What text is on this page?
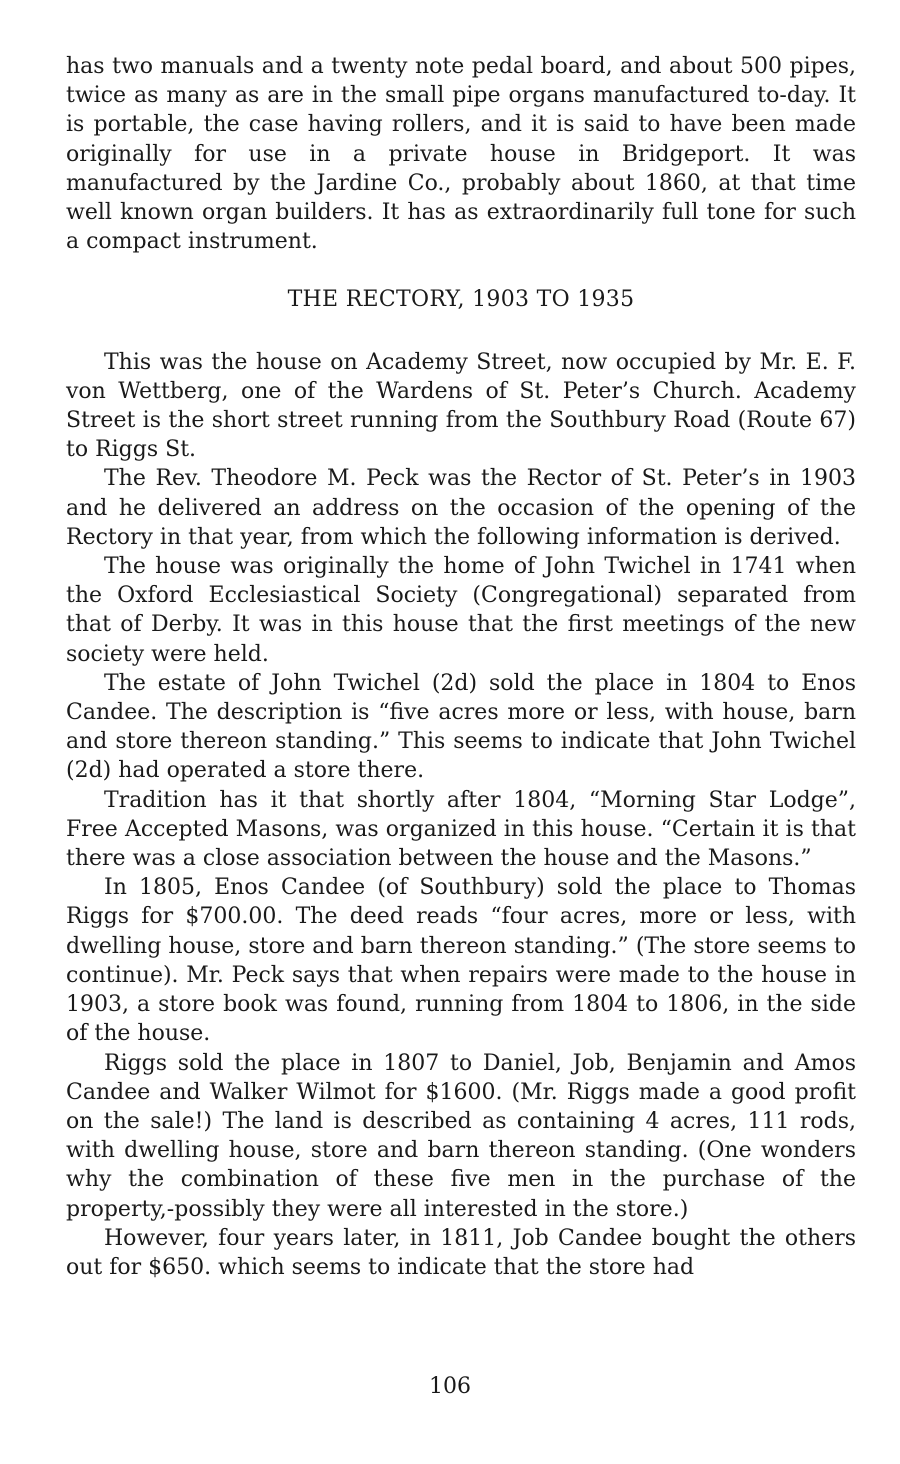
has two manuals and a twenty note pedal board, and about 500 pipes, twice as many as are in the small pipe organs manufactured to-day. It is portable, the case having rollers, and it is said to have been made originally for use in a private house in Bridgeport. It was manufactured by the Jardine Co., probably about 1860, at that time well known organ builders. It has as extraordinarily full tone for such a compact instrument.

THE RECTORY, 1903 TO 1935

This was the house on Academy Street, now occupied by Mr. E. F. von Wettberg, one of the Wardens of St. Peter’s Church. Academy Street is the short street running from the Southbury Road (Route 67) to Riggs St.

The Rev. Theodore M. Peck was the Rector of St. Peter’s in 1903 and he delivered an address on the occasion of the opening of the Rectory in that year, from which the following information is derived.

The house was originally the home of John Twichel in 1741 when the Oxford Ecclesiastical Society (Congregational) separated from that of Derby. It was in this house that the first meetings of the new society were held.

The estate of John Twichel (2d) sold the place in 1804 to Enos Candee. The description is “five acres more or less, with house, barn and store thereon standing.” This seems to indicate that John Twichel (2d) had operated a store there.

Tradition has it that shortly after 1804, “Morning Star Lodge”, Free Accepted Masons, was organized in this house. “Certain it is that there was a close association between the house and the Masons.”

In 1805, Enos Candee (of Southbury) sold the place to Thomas Riggs for $700.00. The deed reads “four acres, more or less, with dwelling house, store and barn thereon standing.” (The store seems to continue). Mr. Peck says that when repairs were made to the house in 1903, a store book was found, running from 1804 to 1806, in the side of the house.

Riggs sold the place in 1807 to Daniel, Job, Benjamin and Amos Candee and Walker Wilmot for $1600. (Mr. Riggs made a good profit on the sale!) The land is described as containing 4 acres, 111 rods, with dwelling house, store and barn thereon standing. (One wonders why the combination of these five men in the purchase of the property,-possibly they were all interested in the store.)

However, four years later, in 1811, Job Candee bought the others out for $650. which seems to indicate that the store had

106
